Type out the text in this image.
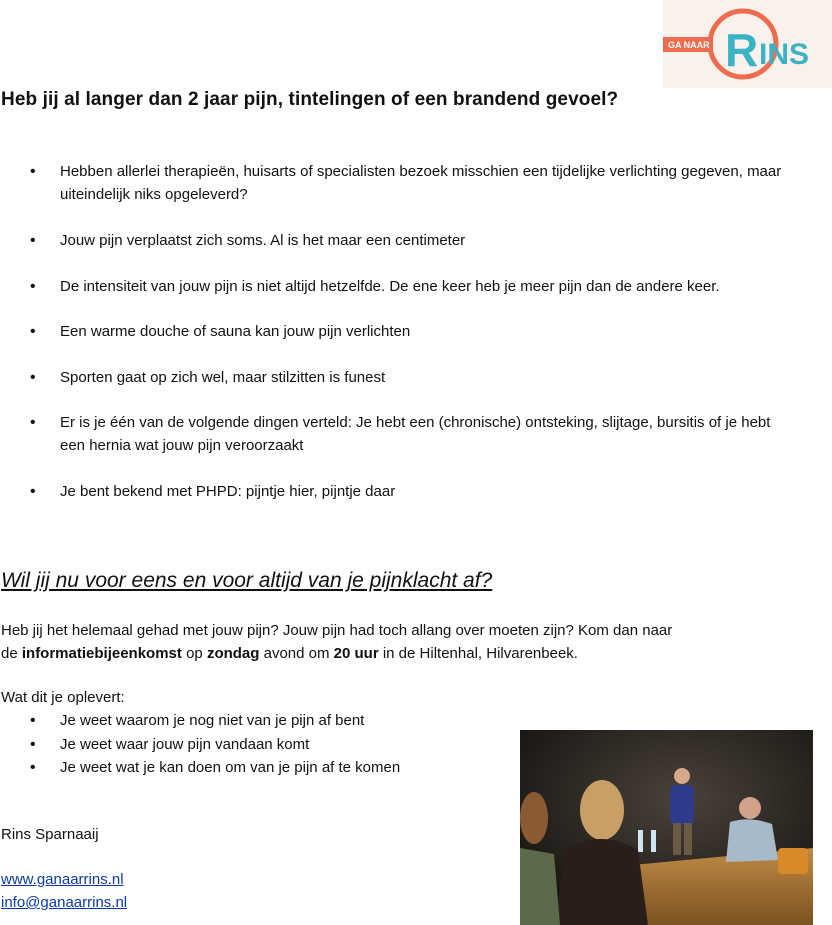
GA NAAR R INS
Heb jij al langer dan 2 jaar pijn, tintelingen of een brandend gevoel?
• Hebben allerlei therapieën, huisarts of specialisten bezoek misschien een tijdelijke verlichting gegeven, maar uiteindelijk niks opgeleverd?
• Jouw pijn verplaatst zich soms. Al is het maar een centimeter
• De intensiteit van jouw pijn is niet altijd hetzelfde. De ene keer heb je meer pijn dan de andere keer.
• Een warme douche of sauna kan jouw pijn verlichten
• Sporten gaat op zich wel, maar stilzitten is funest
• Er is je één van de volgende dingen verteld: Je hebt een (chronische) ontsteking, slijtage, bursitis of je hebt een hernia wat jouw pijn veroorzaakt
• Je bent bekend met PHPD: pijntje hier, pijntje daar
Wil jij nu voor eens en voor altijd van je pijnklacht af?

Heb jij het helemaal gehad met jouw pijn? Jouw pijn had toch allang over moeten zijn? Kom dan naar
de informatiebijeenkomst op zondag avond om 20 uur in de Hiltenhal, Hilvarenbeek.

Wat dit je oplevert:

• Je weet waarom je nog niet van je pijn af bent
• Je weet waar jouw pijn vandaan komt
• Je weet wat je kan doen om van je pijn af te komen

Rins Sparnaaij

www.ganaarrins.nl
info@ganaarrins.nl
